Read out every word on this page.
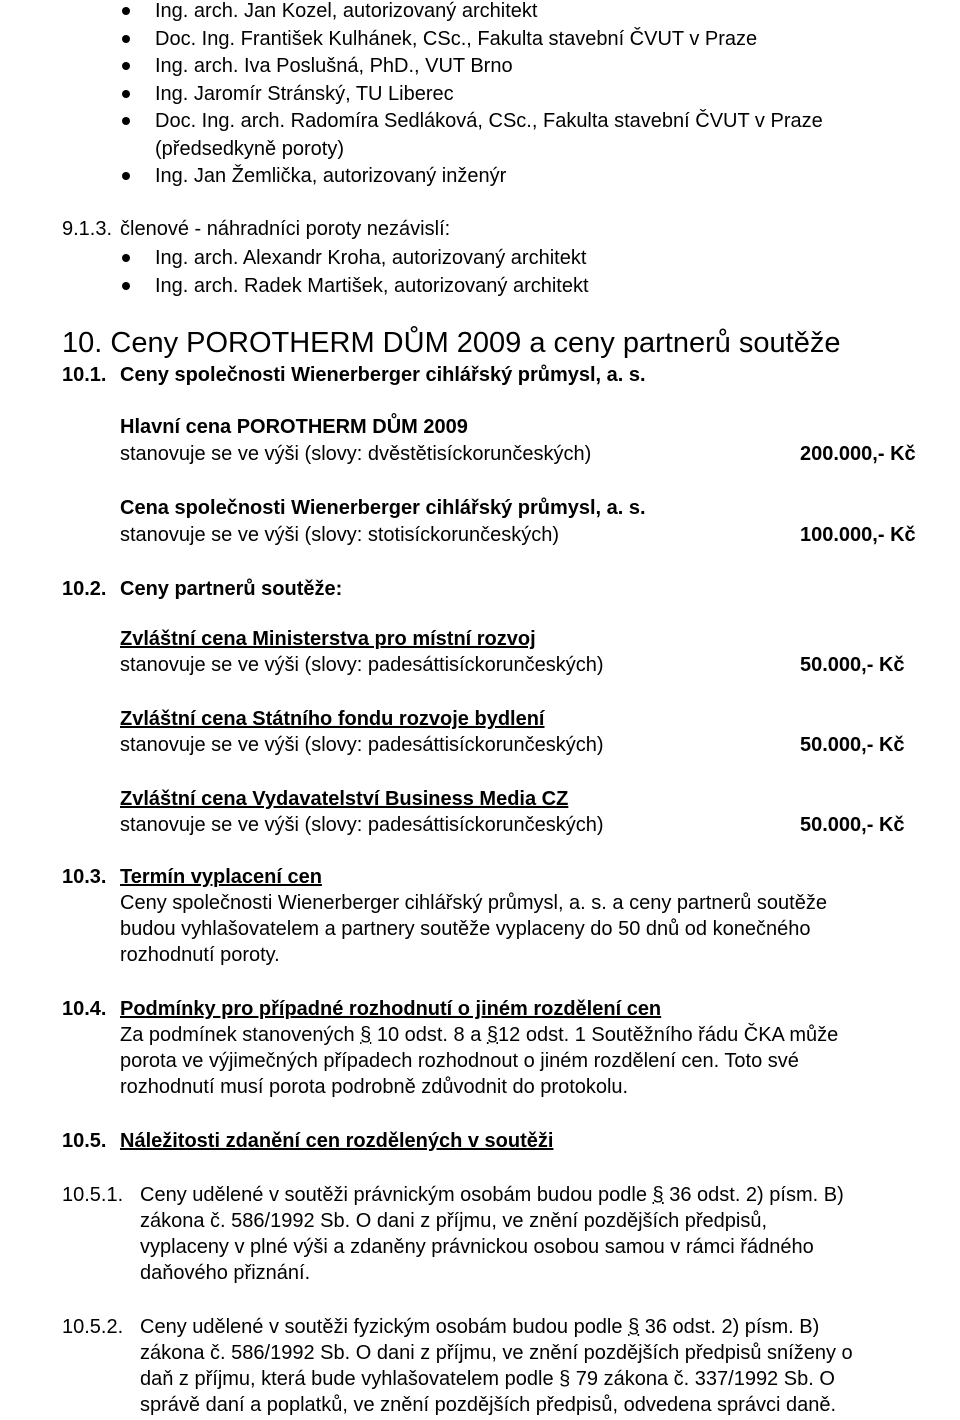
Ing. arch. Jan Kozel, autorizovaný architekt
Doc. Ing. František Kulhánek, CSc., Fakulta stavební ČVUT v Praze
Ing. arch. Iva Poslušná, PhD., VUT Brno
Ing. Jaromír Stránský, TU Liberec
Doc. Ing. arch. Radomíra Sedláková, CSc., Fakulta stavební ČVUT v Praze
(předsedkyně poroty)
Ing. Jan Žemlička, autorizovaný inženýr
9.1.3. členové - náhradníci poroty nezávislí:
Ing. arch. Alexandr Kroha, autorizovaný architekt
Ing. arch. Radek Martišek, autorizovaný architekt
10. Ceny POROTHERM DŮM 2009 a ceny partnerů soutěže
10.1. Ceny společnosti Wienerberger cihlářský průmysl, a. s.
Hlavní cena POROTHERM DŮM 2009
stanovuje se ve výši (slovy: dvěstětisíckorunčeských)	200.000,- Kč
Cena společnosti Wienerberger cihlářský průmysl, a. s.
stanovuje se ve výši (slovy: stotisíckorunčeských)	100.000,- Kč
10.2. Ceny partnerů soutěže:
Zvláštní cena Ministerstva pro místní rozvoj
stanovuje se ve výši (slovy: padesáttisíckorunčeských)	50.000,- Kč
Zvláštní cena Státního fondu rozvoje bydlení
stanovuje se ve výši (slovy: padesáttisíckorunčeských)	50.000,- Kč
Zvláštní cena Vydavatelství Business Media CZ
stanovuje se ve výši (slovy: padesáttisíckorunčeských)	50.000,- Kč
10.3. Termín vyplacení cen
Ceny společnosti Wienerberger cihlářský průmysl, a. s. a ceny partnerů soutěže
budou vyhlašovatelem a partnery soutěže vyplaceny do 50 dnů od konečného
rozhodnutí poroty.
10.4. Podmínky pro případné rozhodnutí o jiném rozdělení cen
Za podmínek stanovených § 10 odst. 8 a §12 odst. 1 Soutěžního řádu ČKA může
porota ve výjimečných případech rozhodnout o jiném rozdělení cen. Toto své
rozhodnutí musí porota podrobně zdůvodnit do protokolu.
10.5. Náležitosti zdanění cen rozdělených v soutěži
10.5.1. Ceny udělené v soutěži právnickým osobám budou podle § 36 odst. 2) písm. B)
zákona č. 586/1992 Sb. O dani z příjmu, ve znění pozdějších předpisů,
vyplaceny v plné výši a zdaněny právnickou osobou samou v rámci řádného
daňového přiznání.
10.5.2. Ceny udělené v soutěži fyzickým osobám budou podle § 36 odst. 2) písm. B)
zákona č. 586/1992 Sb. O dani z příjmu, ve znění pozdějších předpisů sníženy o
daň z příjmu, která bude vyhlašovatelem podle § 79 zákona č. 337/1992 Sb. O
správě daní a poplatků, ve znění pozdějších předpisů, odvedena správci daně.
